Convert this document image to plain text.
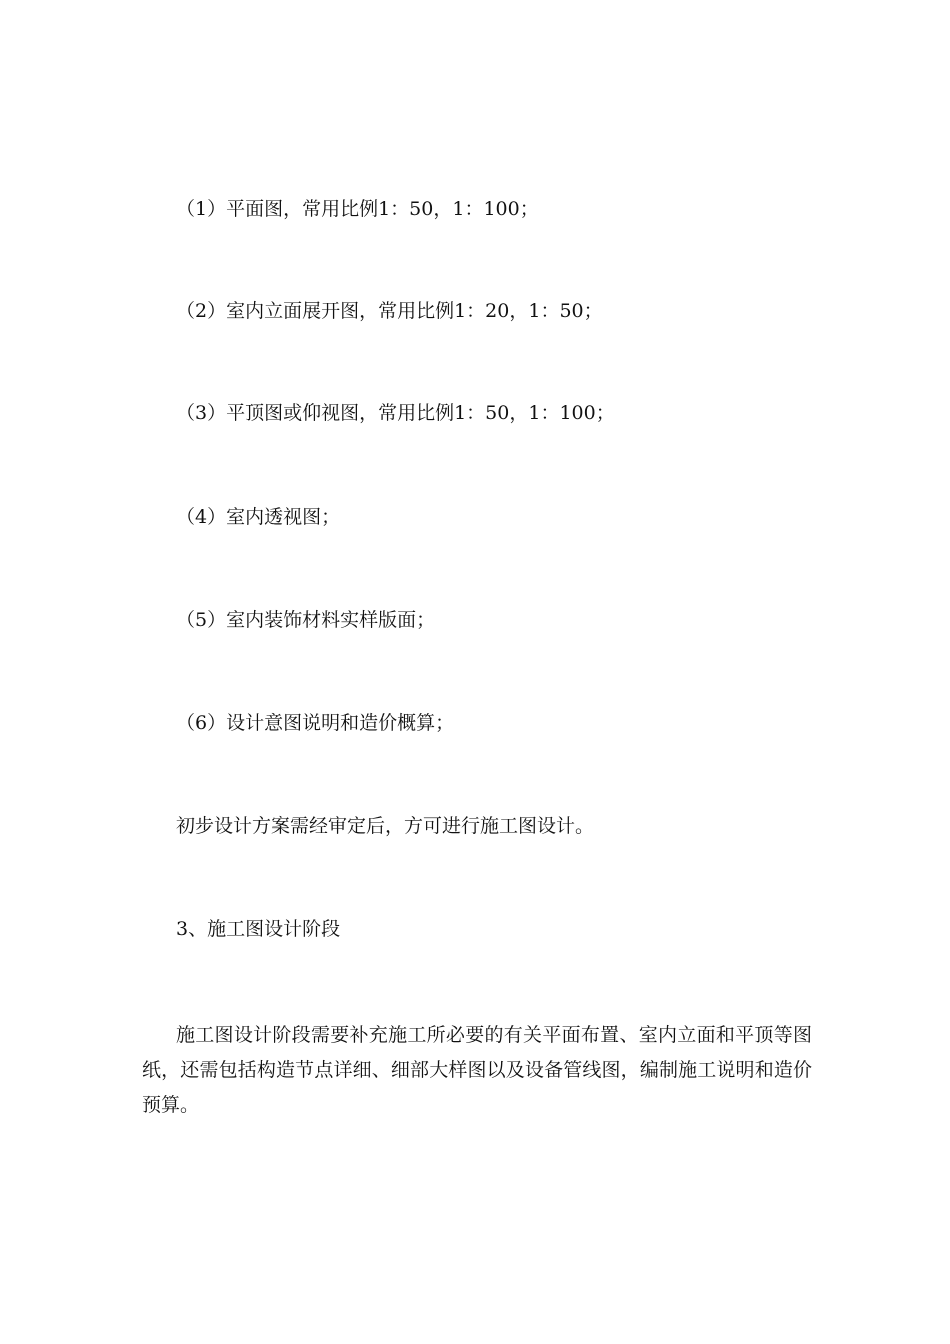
（1）平面图，常用比例1：50，1：100；
（2）室内立面展开图，常用比例1：20，1：50；
（3）平顶图或仰视图，常用比例1：50，1：100；
（4）室内透视图；
（5）室内装饰材料实样版面；
（6）设计意图说明和造价概算；
初步设计方案需经审定后，方可进行施工图设计。
3、施工图设计阶段
施工图设计阶段需要补充施工所必要的有关平面布置、室内立面和平顶等图纸，还需包括构造节点详细、细部大样图以及设备管线图，编制施工说明和造价预算。
